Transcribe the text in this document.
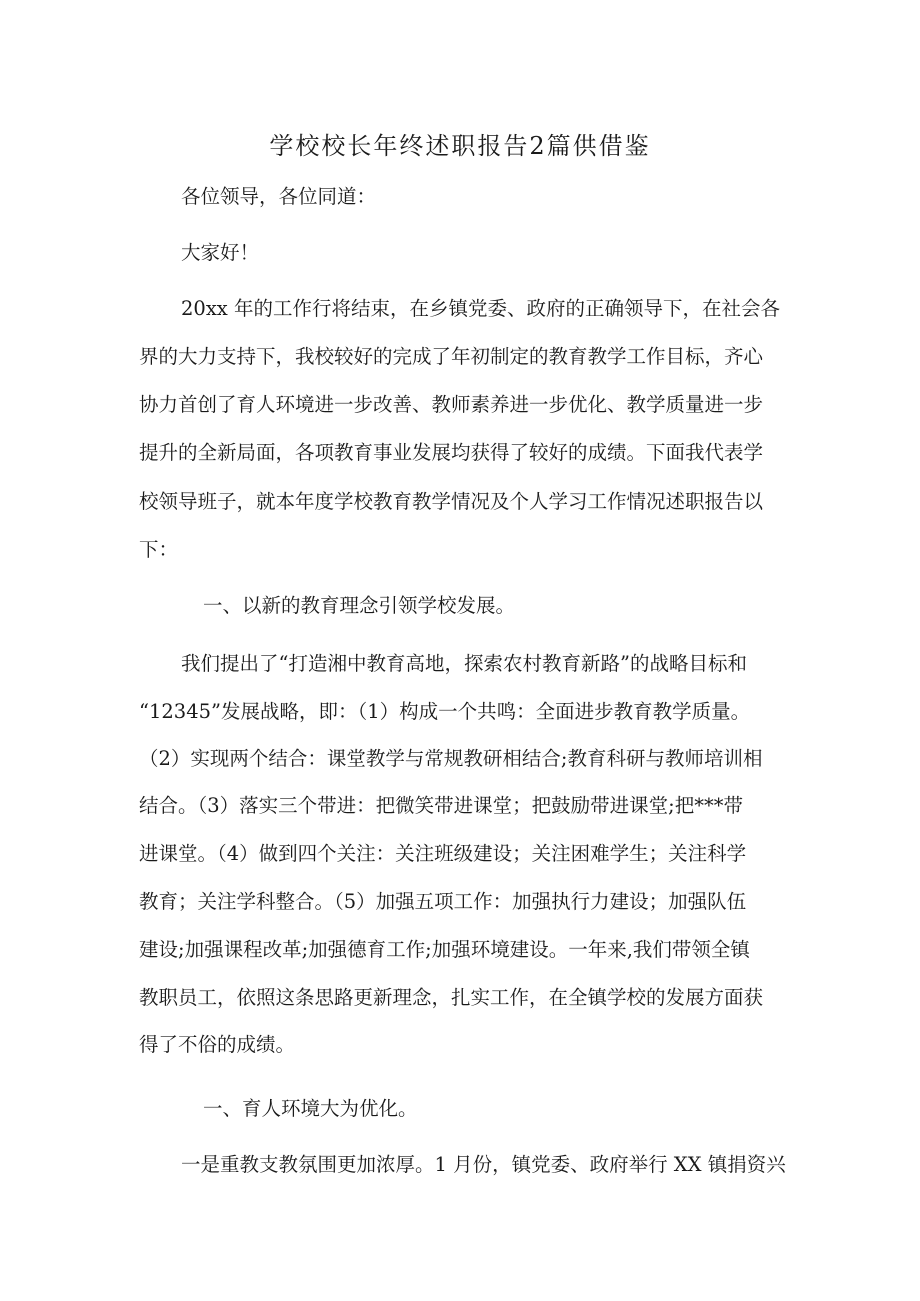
学校校长年终述职报告2篇供借鉴
各位领导，各位同道：
大家好！
20xx 年的工作行将结束，在乡镇党委、政府的正确领导下，在社会各
界的大力支持下，我校较好的完成了年初制定的教育教学工作目标，齐心
协力首创了育人环境进一步改善、教师素养进一步优化、教学质量进一步
提升的全新局面，各项教育事业发展均获得了较好的成绩。下面我代表学
校领导班子，就本年度学校教育教学情况及个人学习工作情况述职报告以
下：
一、以新的教育理念引领学校发展。
我们提出了“打造湘中教育高地，探索农村教育新路”的战略目标和
“12345”发展战略，即：（1）构成一个共鸣：全面进步教育教学质量。
（2）实现两个结合：课堂教学与常规教研相结合;教育科研与教师培训相
结合。（3）落实三个带进：把微笑带进课堂；把鼓励带进课堂;把***带
进课堂。（4）做到四个关注：关注班级建设；关注困难学生；关注科学
教育；关注学科整合。（5）加强五项工作：加强执行力建设；加强队伍
建设;加强课程改革;加强德育工作;加强环境建设。一年来,我们带领全镇
教职员工，依照这条思路更新理念，扎实工作，在全镇学校的发展方面获
得了不俗的成绩。
一、育人环境大为优化。
一是重教支教氛围更加浓厚。1 月份，镇党委、政府举行 XX 镇捐资兴
